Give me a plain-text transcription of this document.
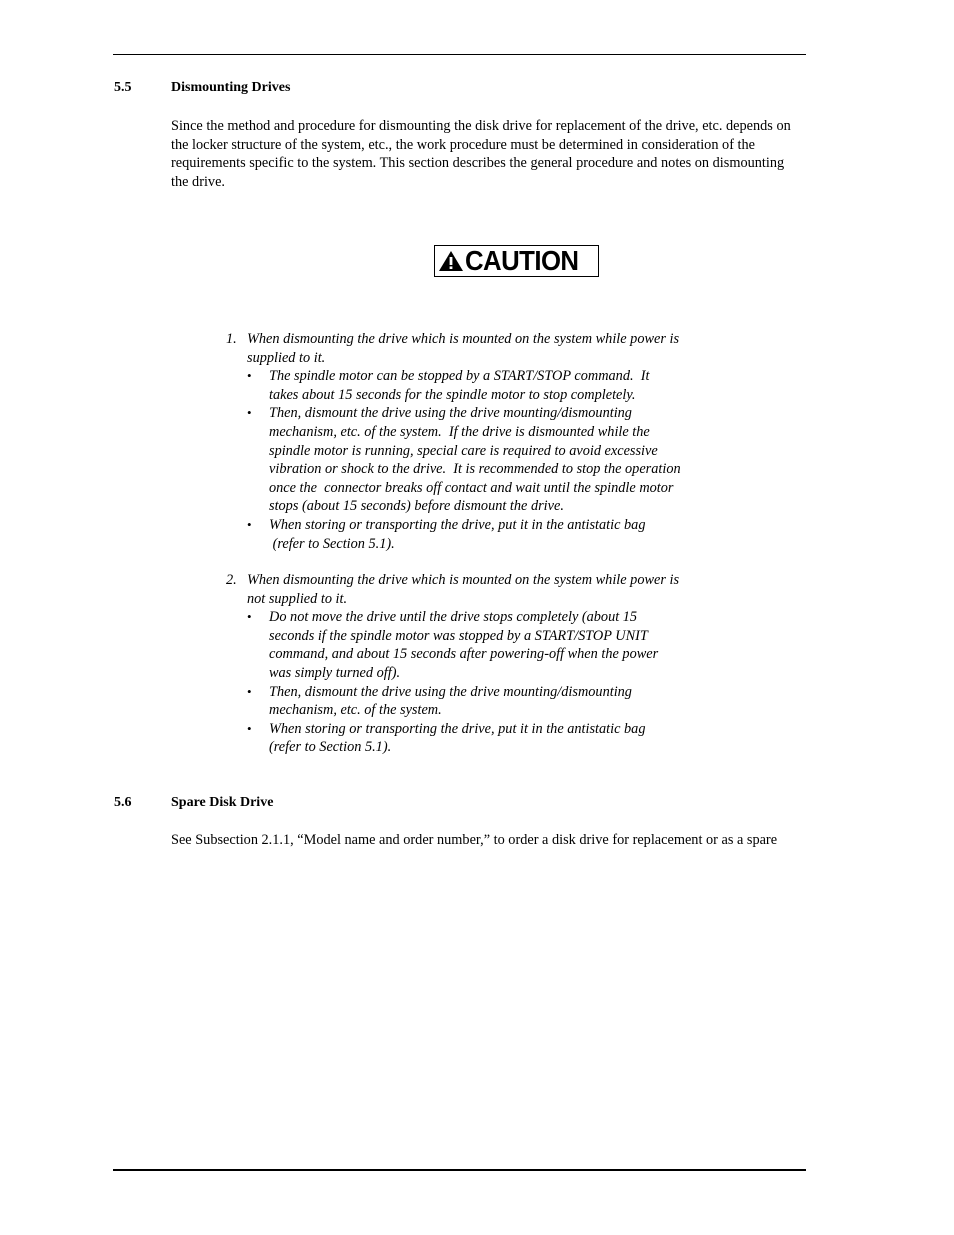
5.5	Dismounting Drives
Since the method and procedure for dismounting the disk drive for replacement of the drive, etc. depends on the locker structure of the system, etc., the work procedure must be determined in consideration of the requirements specific to the system. This section describes the general procedure and notes on dismounting the drive.
CAUTION
1. When dismounting the drive which is mounted on the system while power is
supplied to it.
• The spindle motor can be stopped by a START/STOP command.  It
takes about 15 seconds for the spindle motor to stop completely.
• Then, dismount the drive using the drive mounting/dismounting
mechanism, etc. of the system.  If the drive is dismounted while the
spindle motor is running, special care is required to avoid excessive
vibration or shock to the drive.  It is recommended to stop the operation
once the  connector breaks off contact and wait until the spindle motor
stops (about 15 seconds) before dismount the drive.
• When storing or transporting the drive, put it in the antistatic bag
(refer to Section 5.1).
2. When dismounting the drive which is mounted on the system while power is
not supplied to it.
• Do not move the drive until the drive stops completely (about 15
seconds if the spindle motor was stopped by a START/STOP UNIT
command, and about 15 seconds after powering-off when the power
was simply turned off).
• Then, dismount the drive using the drive mounting/dismounting
mechanism, etc. of the system.
• When storing or transporting the drive, put it in the antistatic bag
(refer to Section 5.1).
5.6	Spare Disk Drive
See Subsection 2.1.1, “Model name and order number,” to order a disk drive for replacement or as a spare
